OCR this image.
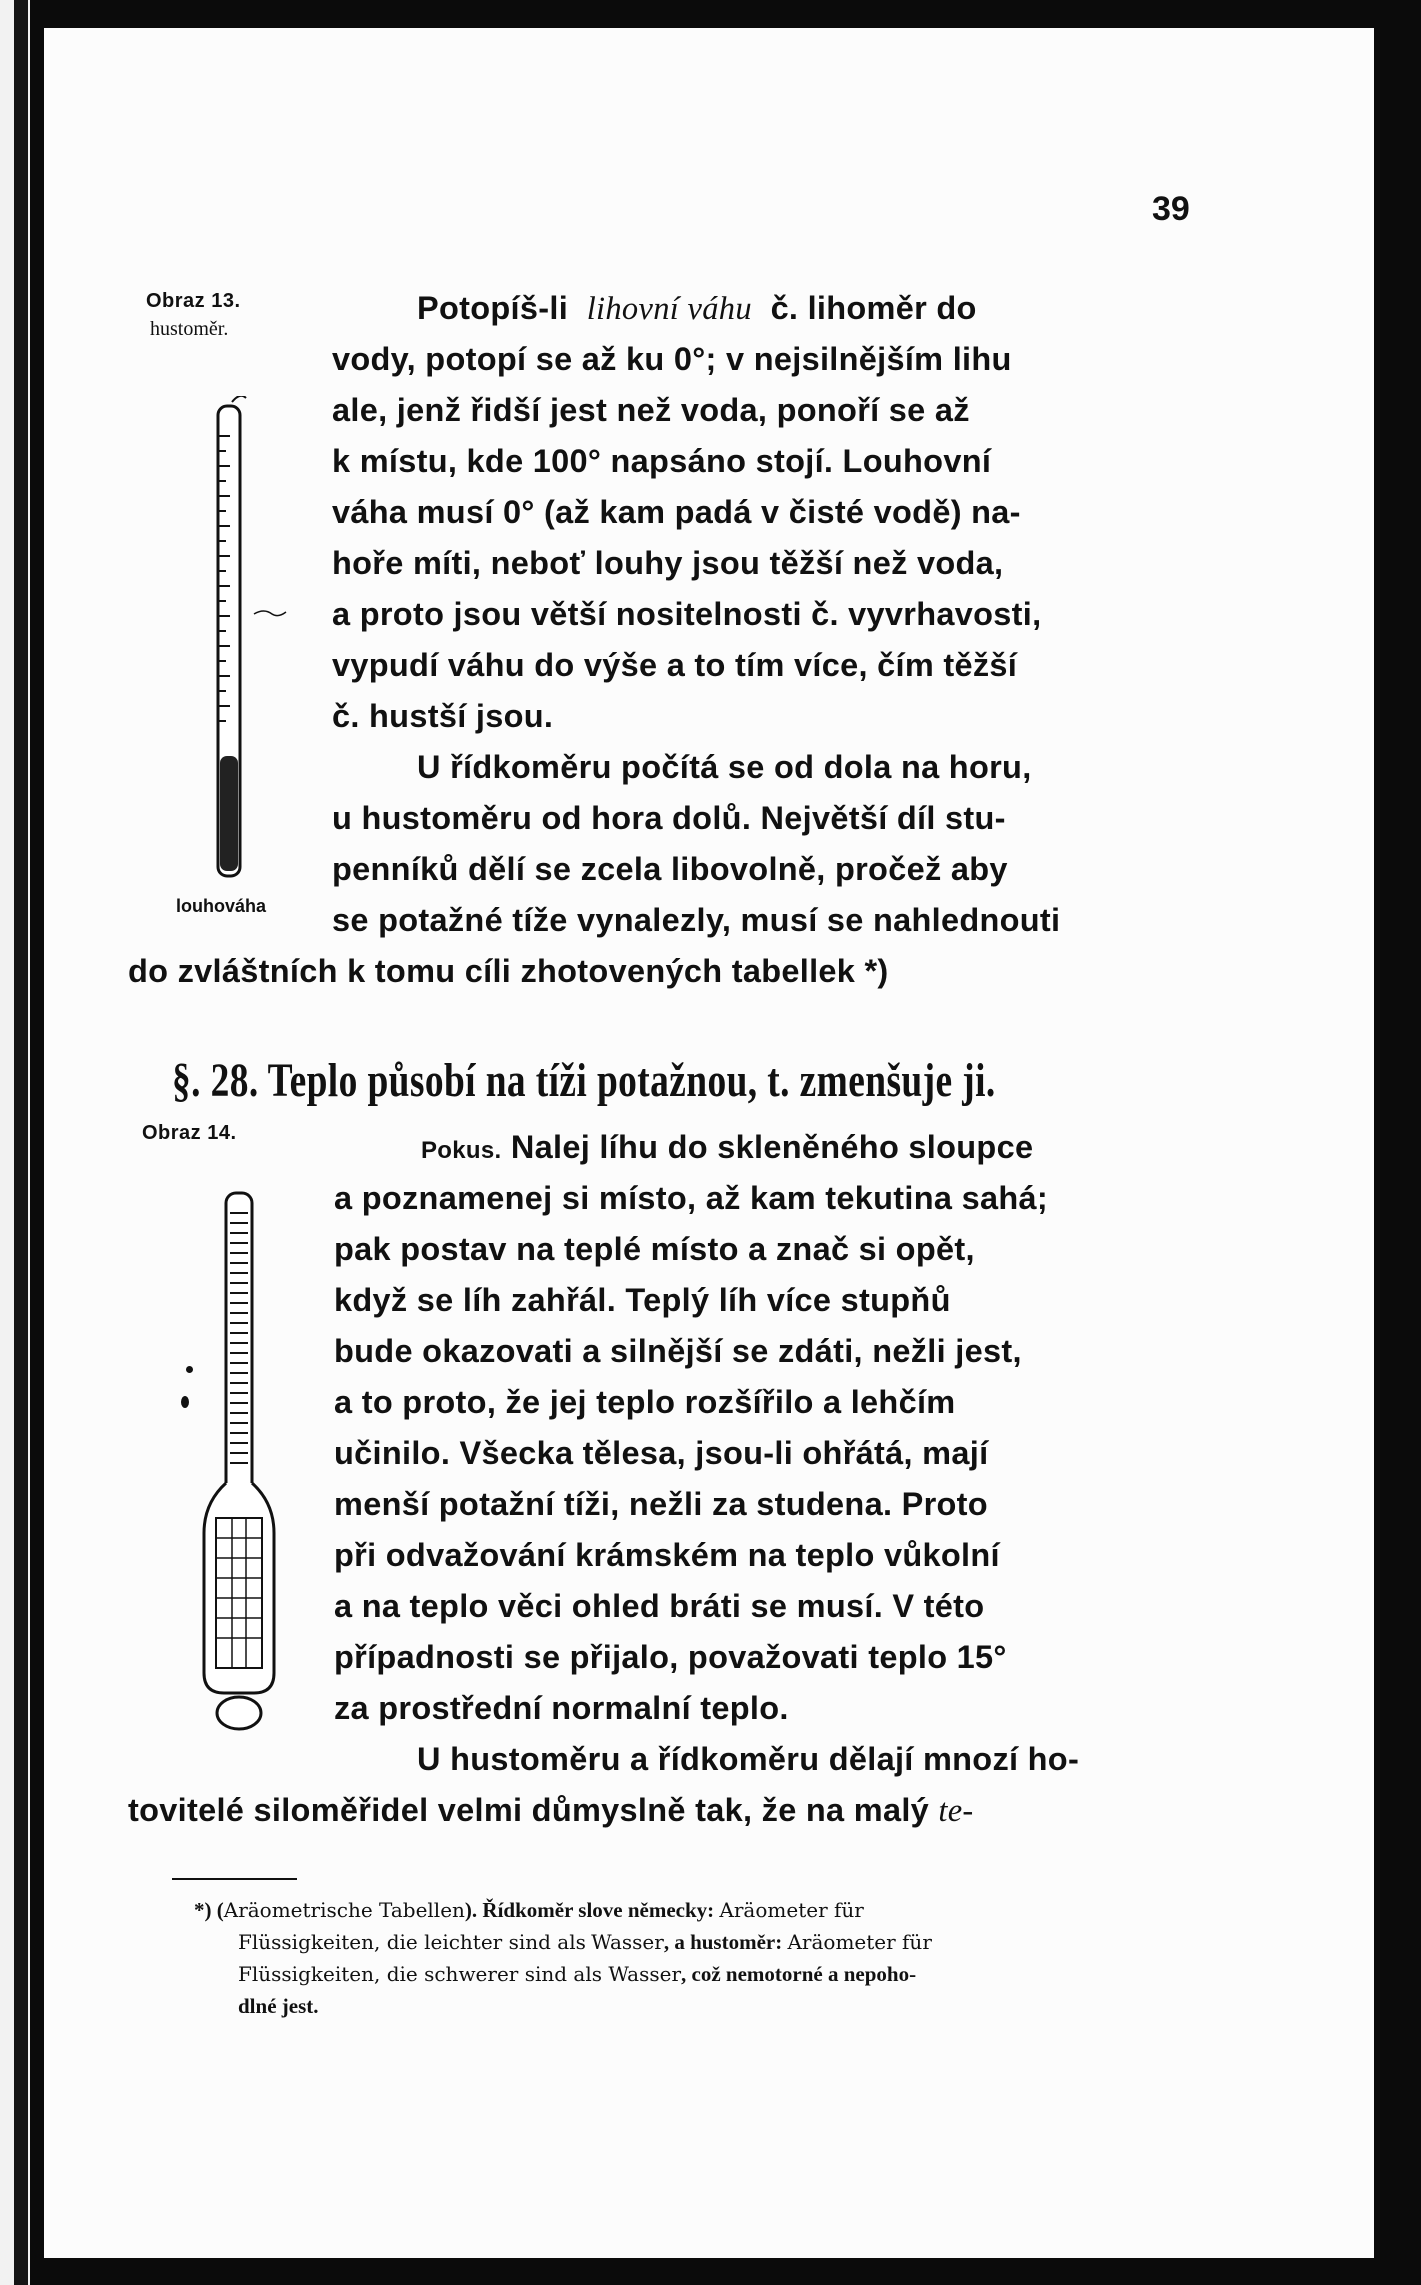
39
Obraz 13.
hustoměr.
Potopíš-li lihovní váhu č. lihoměr do
vody, potopí se až ku 0°; v nejsilnějším lihu
ale, jenž řidší jest než voda, ponoří se až
k místu, kde 100° napsáno stojí. Louhovní
váha musí 0° (až kam padá v čisté vodě) na-
hoře míti, neboť louhy jsou těžší než voda,
a proto jsou větší nositelnosti č. vyvrhavosti,
vypudí váhu do výše a to tím více, čím těžší
č. hustší jsou.
U řídkoměru počítá se od dola na horu,
u hustoměru od hora dolů. Největší díl stu-
penníků dělí se zcela libovolně, pročež aby
louhováha se potažné tíže vynalezly, musí se nahlednouti
do zvláštních k tomu cíli zhotovených tabellek *)
§. 28. Teplo působí na tíži potažnou, t. zmenšuje ji.
Obraz 14.
Pokus. Nalej líhu do skleněného sloupce
a poznamenej si místo, až kam tekutina sahá;
pak postav na teplé místo a znač si opět,
když se líh zahřál. Teplý líh více stupňů
bude okazovati a silnější se zdáti, nežli jest,
a to proto, že jej teplo rozšířilo a lehčím
učinilo. Všecka tělesa, jsou-li ohřátá, mají
menší potažní tíži, nežli za studena. Proto
při odvažování krámském na teplo vůkolní
a na teplo věci ohled bráti se musí. V této
případnosti se přijalo, považovati teplo 15°
za prostřední normalní teplo.
U hustoměru a řídkoměru dělají mnozí ho-
tovitelé siloměřidel velmi důmyslně tak, že na malý te-
*) (Aräometrische Tabellen). Řídkoměr slove německy: Aräometer für
Flüssigkeiten, die leichter sind als Wasser, a hustoměr: Aräometer für
Flüssigkeiten, die schwerer sind als Wasser, což nemotorné a nepoho-
dlné jest.
